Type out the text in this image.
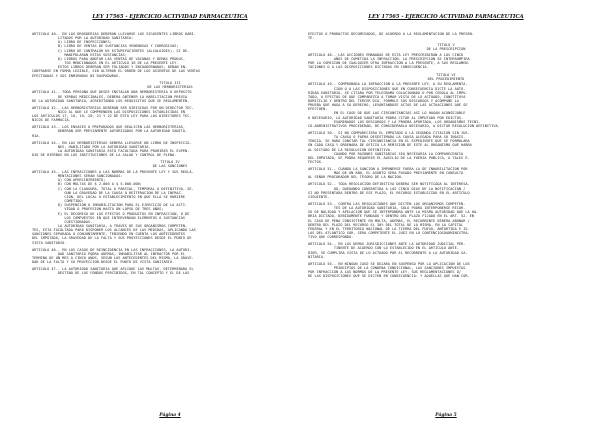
LEY 17565 - EJERCICIO ACTIVIDAD FARMACEUTICA
ARTICULO 40.- EN LAS DROGUERIAS DEBERAN LLEVARSE LOS SIGUIENTES LIBROS HABI-
LITADOS POR LA AUTORIDAD SANITARIA:
A) LIBRO DE INSPECCIONES;
B) LIBRO DE VENTAS DE SUSTANCIAS VENENOSAS Y CORROSIVAS;
C) LIBRO DE CONTRALOR DE ESTUPEFACIENTES (ALCALOIDES), SI DE-
MANIPULARAN ESTAS SUSTANCIAS;
D) LIBROS PARA ANOTAR LAS VENTAS DE VACUNAS Y DEMAS PRODUC-
TOS MENCIONADOS EN EL ARTICULO 36 DE LA PRESENTE LEY.
ESTOS LIBROS DEBERAN SER FOLIADOS Y ENCUADERNADOS, DEBAN EN-
CONTRARSE EN FORMA LEGIBLE, SIN ALTERAR EL ORDEN DE LOS ASIENTOS DE LAS VENTAS
EFECTUADAS Y SUS ENMIENDAS NI RASPADURAS.
TITULO III
DE LAS HERBORISTERIAS
ARTICULO 41.- TODA PERSONA QUE DESEE INSTALAR UNA HERBORISTERIA O DEPOSITO
DE YERBAS MEDICINALES, DEBERA OBTENER LA HABILITACION PREVIA
DE LA AUTORIDAD SANITARIA, ACREDITANDO LOS REQUISITOS QUE SE REGLAMENTEN.
ARTICULO 42.- LAS HERBORISTERIAS DEBERAN SER DIRIGIDAS POR UN DIRECTOR TEC-
NICO AL QUE LE COMPRENDEN LAS DISPOSICIONES ESTABLECIDAS EN
LOS ARTICULOS 17, 18, 19, 20, 21 Y 22 DE ESTA LEY PARA LOS DIRECTORES TEC-
NICOS DE FARMACIA.
ARTICULO 43.- LOS ENVASES O PREPARADOS QUE REALICEN LAS HERBORISTERIAS,
DEBERAN SER PREVIAMENTE AUTORIZADOS POR LA AUTORIDAD SANITA-
RIA.
ARTICULO 44.- EN LAS HERBORISTERIAS DEBERA LLEVARSE UN LIBRO DE INSPECCIO-
NES, HABILITADO POR LA AUTORIDAD SANITARIA.
LA AUTORIDAD SANITARIA ESTA FACULTADA PARA PROHIBIR EL EXPEN-
DIO DE HIERBAS EN LOS INSTITUCIONES DE LA SALUD Y CONTROL DE PLENA.
TITULO IV
DE LAS SANCIONES
ARTICULO 45.- LAS INFRACCIONES A LAS NORMAS DE LA PRESENTE LEY Y SUS REGLA-
MENTACIONES SERAN SANCIONADAS:
A) CON APERCIBIMIENTO;
B) CON MULTAS DE $ 2.000 A $ 5.000.000;
C) CON LA CLAUSURA, TOTAL O PARCIAL, TEMPORAL O DEFINITIVA, SE-
GUN LA GRAVEDAD DE LA CAUSA O REITERACION DE LA INFRAC-
CION, DEL LOCAL O ESTABLECIMIENTO EN QUE ELLA SE HUBIERE
COMETIDO;
D) SUSPENSION O INHABILITACION PARA EL EJERCICIO DE LA ACTI-
VIDAD O PROFESION HASTA UN LAPSO DE TRES AÑOS;
E) EL DECOMISO DE LOS EFECTOS O PRODUCTOS EN INFRACCION, O DE
LOS COMPUESTOS EN QUE INTERVENGAN ELEMENTOS O SUSTANCIAS
CUESTIONADAS.
LA AUTORIDAD SANITARIA, A TRAVES DE SUS ORGANISMOS COMPETEN-
TES, ESTA FACULTADA PARA DISPONER LOS ALCANCES DE LAS MEDIDAS, APLICANDO LAS
SANCIONES SEPARADA O CONJUNTAMENTE, TENIENDO EN CUENTA LOS ANTECEDENTES
DEL IMPUTADO, LA GRAVEDAD DE LA FALTA Y SUS PROYECCIONES DESDE EL PUNTO DE
VISTA SANITARIO.
ARTICULO 46.- EN LOS CASOS DE REINCIDENCIA EN LAS INFRACCIONES, LA AUTORI-
DAD SANITARIA PODRA ADEMAS, INHABILITAR AL INFRACTOR POR EL
TERMINO DE UN MES A CINCO AÑOS, SEGUN LOS ANTECEDENTES DEL MISMO, LA GRAVE-
DAD DE LA FALTA Y SU PROYECCION DESDE EL PUNTO DE VISTA SANITARIO.
ARTICULO 47.- LA AUTORIDAD SANITARIA QUE APLIQUE LAS MULTAS, DETERMINARA EL
DESTINO DE LOS FONDOS PERCIBIDOS, EN TAL CONCEPTO Y EL DE LOS
Página 4
LEY 17565 - EJERCICIO ACTIVIDAD FARMACEUTICA
EFECTOS O PRODUCTOS DECOMISADOS, DE ACUERDO A LA REGLAMENTACION DE LA PRESEN-
TE.
TITULO V
DE LA PRESCRIPCION
ARTICULO 48.- LAS ACCIONES EMANADAS DE ESTA LEY PRESCRIBIRAN A LOS CINCO
AÑOS DE COMETIDA LA INFRACCION. LA PRESCRIPCION SE INTERRUMPIRA
POR LA COMISION DE CUALQUIER OTRA INFRACCION A LA PRESENTE, A SUS REGLAMEN-
TACIONES O A LAS DISPOSICIONES DICTADAS EN CONSECUENCIA.
TITULO VI
DEL PROCEDIMIENTO
ARTICULO 49.- COMPROBADA LA INFRACCION A LA PRESENTE LEY, A SU REGLAMENTA-
CION O A LAS DISPOSICIONES QUE EN CONSECUENCIA DICTE LA AUTO-
RIDAD SANITARIA, SE CITARA POR TELEGRAMA COLACIONADO O POR CEDULA AL IMPU-
TADO, A EFECTOS DE QUE COMPAREZCA A TOMAR VISTA DE LO ACTUADO, CONSTITUYA
DOMICILIO Y DENTRO DEL TERCER DIA, FORMULE SUS DESCARGOS Y ACOMPAÑE LA
PRUEBA QUE HAGA A SU DERECHO, LEVANTANDOSE ACTAS DE LAS ACTUACIONES QUE SE
EFECTUEN.
EN EL CASO DE QUE LAS CIRCUNSTANCIAS ASI LO HAGAN ACONSEJABLE
O NECESARIO, LA AUTORIDAD SANITARIA PODRA CITAR AL IMPUTADO POR EDICTOS.
EXAMINADOS LOS DESCARGOS Y LA PRUEBA APORTADA, LOS ORGANISMOS TECNI-
CO-ADMINISTRATIVOS PROCEDERAN, DE CONSIDERARLO NECESARIO, A DICTAR RESOLUCION DEFINITIVA.
ARTICULO 50.- SI NO COMPARECIERA EL IMPUTADO A LA SEGUNDA CITACION SIN JUS-
TA CAUSA O FUERA DESESTIMADA LA CAUSA ALEGADA PARA SU INASIS-
TENCIA, SE HARA CONSTAR TAL CIRCUNSTANCIA EN EL EXPEDIENTE QUE SE FORMULARA
EN CADA CASO Y ORDENARA DE OFICIO LA REMISION DE ESTE AL ORGANISMO QUE HABRA
AL DICTADO DE LA RESOLUCION DEFINITIVA.
CUANDO POR RAZONES SANITARIAS SEA NECESARIA LA COMPARECENCIA
DEL IMPUTADO, SE PODRA REQUERIR EL AUXILIO DE LA FUERZA PUBLICA, A TALES E-
FECTOS.
ARTICULO 51.- CUANDO LA SANCION A IMPONERSE FUERA LA DE INHABILITACION POR
MAS DE UN AÑO, EL ASUNTO SERA PASADO PREVIAMENTE EN CONSULTA
AL SEÑOR PROCURADOR DEL TESORO DE LA NACION.
ARTICULO 52.- TODA RESOLUCION DEFINITIVA DEBERA SER NOTIFICADA AL INTERESA-
DO, QUEDANDO CONSENTIDA A LOS CINCO DIAS DE LA NOTIFICACION /
SI NO PRESENTARA DENTRO DE ESE PLAZO, EL RECURSO ESTABLECIDO EN EL ARTICULO
SIGUIENTE.
ARTICULO 53.- CONTRA LAS RESOLUCIONES QUE DICTEN LOS ORGANISMOS COMPETEN-
TES DE LA AUTORIDAD SANITARIA, SOLO PODRA INTERPONERSE RECUR-
SO DE NULIDAD Y APELACION QUE SE INTERPONDRA ANTE LA MISMA AUTORIDAD QUE LA HA-
BRIA DICTADO, DEBIDAMENTE FUNDADO Y DENTRO DEL PLAZO FIJADO EN EL ART. 52. EN
EL CASO DE PENA CONSISTENTE EN MULTA, ADEMAS, EL RECURRENTE DEBERA ABONAR /
DENTRO DEL PLAZO DEL RECURSO EL 30% DEL TOTAL DE LA MISMA. EN LA CAPITAL
FEDERAL Y EN EL TERRITORIO NACIONAL DE LA TIERRA DEL FUEGO, ANTARTIDA E IS-
LAS DEL ATLANTICO SUR, SERA COMPETENTE EL JUEZ EN LO CONTENCIOSOADMINISTRA-
TIVO QUE CORRESPONDA.
ARTICULO 54.- EN LOS DEMAS JURISDICCIONES ANTE LA AUTORIDAD JUDICIAL PER-
TINENTE DE ACUERDO CON LO ESTABLECIDO EN EL ARTICULO ANTE-
RIOR, SE CUMPLIRA VISTA DE LO ACTUADO POR EL RECURRENTE A LA AUTORIDAD SA-
NITARIA.
ARTICULO 55.- EN NINGUN CASO SE DEJARA EN SUSPENSO POR LA APLICACION DE LOS
PRINCIPIOS DE LA CONDENA CONDICIONAL, LAS SANCIONES IMPUESTAS
POR INFRACCION A LAS NORMAS DE LA PRESENTE LEY, SUS REGLAMENTACIONES O/
DE LAS DISPOSICIONES QUE SE DICTEN EN CONSECUENCIA: Y AQUELLAS QUE HAN COR-
Página 5
